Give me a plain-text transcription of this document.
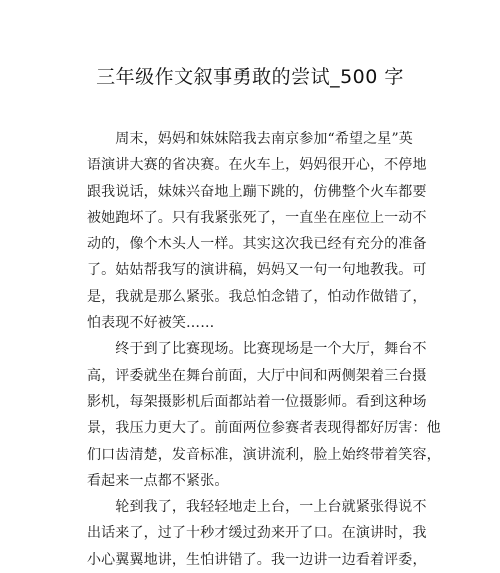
三年级作文叙事勇敢的尝试_500 字
　　周末，妈妈和妹妹陪我去南京参加“希望之星”英
语演讲大赛的省决赛。在火车上，妈妈很开心，不停地
跟我说话，妹妹兴奋地上蹦下跳的，仿佛整个火车都要
被她跑坏了。只有我紧张死了，一直坐在座位上一动不
动的，像个木头人一样。其实这次我已经有充分的准备
了。姑姑帮我写的演讲稿，妈妈又一句一句地教我。可
是，我就是那么紧张。我总怕念错了，怕动作做错了，
怕表现不好被笑……
　　终于到了比赛现场。比赛现场是一个大厅，舞台不
高，评委就坐在舞台前面，大厅中间和两侧架着三台摄
影机，每架摄影机后面都站着一位摄影师。看到这种场
景，我压力更大了。前面两位参赛者表现得都好厉害：他
们口齿清楚，发音标准，演讲流利，脸上始终带着笑容，
看起来一点都不紧张。
　　轮到我了，我轻轻地走上台，一上台就紧张得说不
出话来了，过了十秒才缓过劲来开了口。在演讲时，我
小心翼翼地讲，生怕讲错了。我一边讲一边看着评委，
